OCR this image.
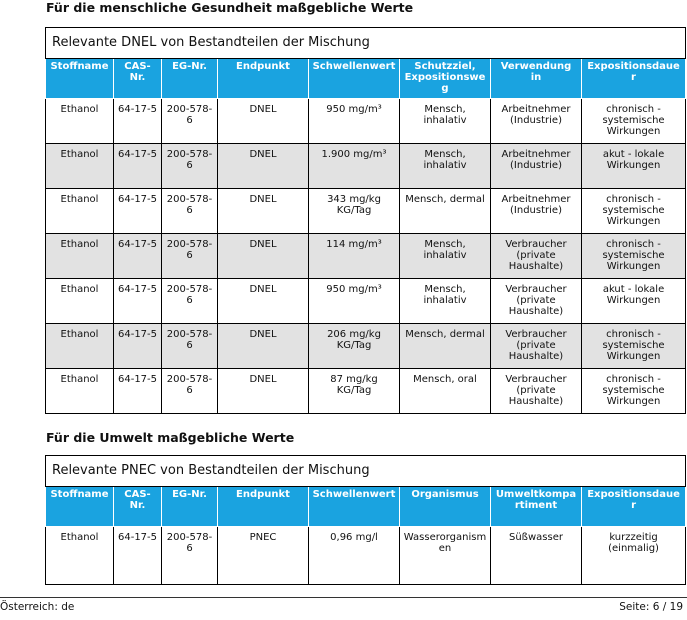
Für die menschliche Gesundheit maßgebliche Werte
Relevante DNEL von Bestandteilen der Mischung							
Stoffname	CAS-Nr.	EG-Nr.	Endpunkt	Schwellenwert	Schutzziel, Expositionsweg	Verwendung in	Expositionsdauer
Ethanol	64-17-5	200-578-6	DNEL	950 mg/m³	Mensch, inhalativ	Arbeitnehmer (Industrie)	chronisch - systemische Wirkungen
Ethanol	64-17-5	200-578-6	DNEL	1.900 mg/m³	Mensch, inhalativ	Arbeitnehmer (Industrie)	akut - lokale Wirkungen
Ethanol	64-17-5	200-578-6	DNEL	343 mg/kg KG/Tag	Mensch, dermal	Arbeitnehmer (Industrie)	chronisch - systemische Wirkungen
Ethanol	64-17-5	200-578-6	DNEL	114 mg/m³	Mensch, inhalativ	Verbraucher (private Haushalte)	chronisch - systemische Wirkungen
Ethanol	64-17-5	200-578-6	DNEL	950 mg/m³	Mensch, inhalativ	Verbraucher (private Haushalte)	akut - lokale Wirkungen
Ethanol	64-17-5	200-578-6	DNEL	206 mg/kg KG/Tag	Mensch, dermal	Verbraucher (private Haushalte)	chronisch - systemische Wirkungen
Ethanol	64-17-5	200-578-6	DNEL	87 mg/kg KG/Tag	Mensch, oral	Verbraucher (private Haushalte)	chronisch - systemische Wirkungen
Für die Umwelt maßgebliche Werte
Relevante PNEC von Bestandteilen der Mischung							
Stoffname	CAS-Nr.	EG-Nr.	Endpunkt	Schwellenwert	Organismus	Umweltkompartiment	Expositionsdauer
Ethanol	64-17-5	200-578-6	PNEC	0,96 mg/l	Wasserorganismen	Süßwasser	kurzzeitig (einmalig)
Österreich: de	Seite: 6 / 19
